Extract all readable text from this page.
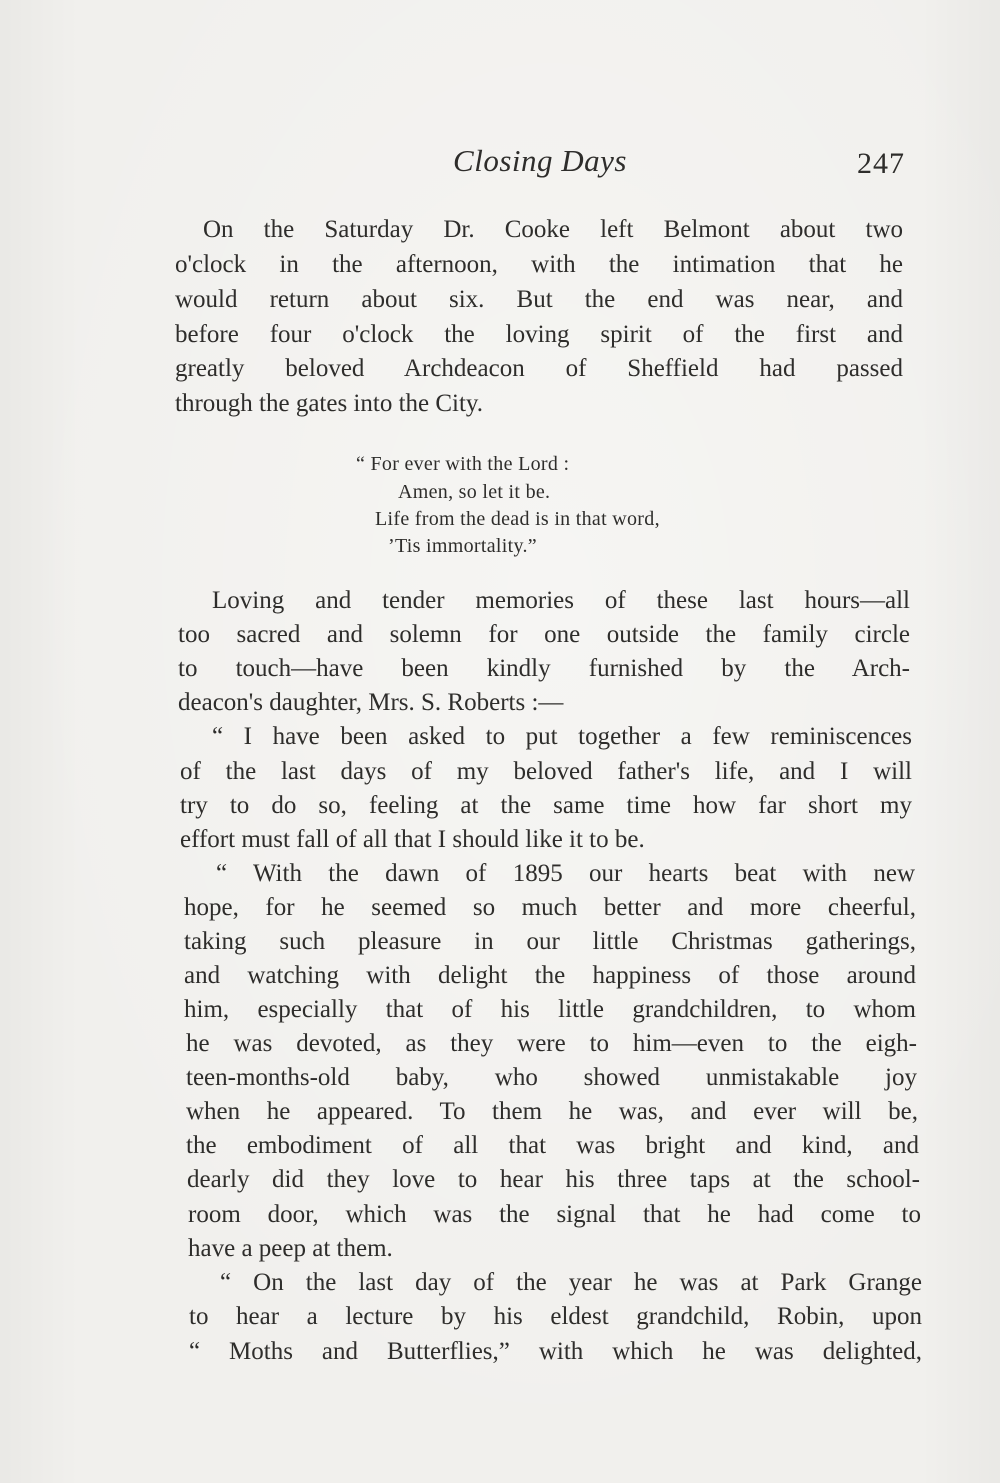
Closing Days	247
On the Saturday Dr. Cooke left Belmont about two
o'clock in the afternoon, with the intimation that he
would return about six. But the end was near, and
before four o'clock the loving spirit of the first and
greatly beloved Archdeacon of Sheffield had passed
through the gates into the City.
“ For ever with the Lord :
Amen, so let it be.
Life from the dead is in that word,
’Tis immortality.”
Loving and tender memories of these last hours—all
too sacred and solemn for one outside the family circle
to touch—have been kindly furnished by the Arch-
deacon's daughter, Mrs. S. Roberts :—
“ I have been asked to put together a few reminiscences
of the last days of my beloved father's life, and I will
try to do so, feeling at the same time how far short my
effort must fall of all that I should like it to be.
“ With the dawn of 1895 our hearts beat with new
hope, for he seemed so much better and more cheerful,
taking such pleasure in our little Christmas gatherings,
and watching with delight the happiness of those around
him, especially that of his little grandchildren, to whom
he was devoted, as they were to him—even to the eigh-
teen-months-old baby, who showed unmistakable joy
when he appeared. To them he was, and ever will be,
the embodiment of all that was bright and kind, and
dearly did they love to hear his three taps at the school-
room door, which was the signal that he had come to
have a peep at them.
“ On the last day of the year he was at Park Grange
to hear a lecture by his eldest grandchild, Robin, upon
“ Moths and Butterflies,” with which he was delighted,
